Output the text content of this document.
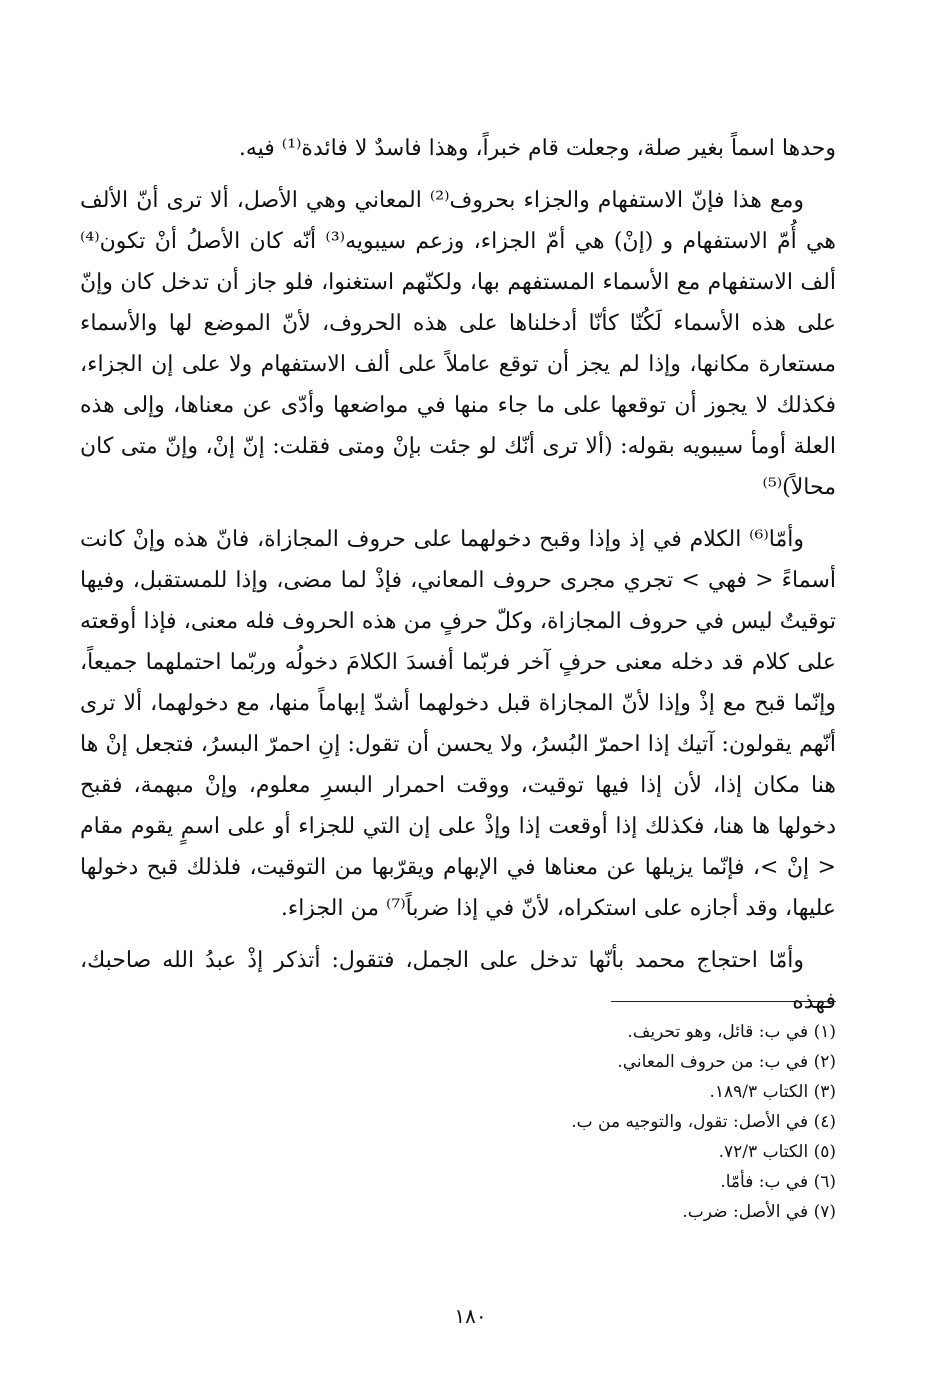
وحدها اسماً بغير صلة، وجعلت قام خبراً، وهذا فاسدٌ لا فائدة⁽¹⁾ فيه.

ومع هذا فإنّ الاستفهام والجزاء بحروف⁽²⁾ المعاني وهي الأصل، ألا ترى أنّ الألف هي أُمّ الاستفهام و (إنْ) هي أمّ الجزاء، وزعم سيبويه⁽³⁾ أنّه كان الأصلُ أنْ تكون⁽⁴⁾ ألف الاستفهام مع الأسماء المستفهم بها، ولكنّهم استغنوا، فلو جاز أن تدخل كان وإنّ على هذه الأسماء لَكُنّا كأنّا أدخلناها على هذه الحروف، لأنّ الموضع لها والأسماء مستعارة مكانها، وإذا لم يجز أن توقع عاملاً على ألف الاستفهام ولا على إن الجزاء، فكذلك لا يجوز أن توقعها على ما جاء منها في مواضعها وأدّى عن معناها، وإلى هذه العلة أومأ سيبويه بقوله: (ألا ترى أنّك لو جئت بإنْ ومتى فقلت: إنّ إنْ، وإنّ متى كان محالاً)⁽⁵⁾

وأمّا⁽⁶⁾ الكلام في إذ وإذا وقبح دخولهما على حروف المجازاة، فانّ هذه وإنْ كانت أسماءً < فهي > تجري مجرى حروف المعاني، فإذْ لما مضى، وإذا للمستقبل، وفيها توقيتٌ ليس في حروف المجازاة، وكلّ حرفٍ من هذه الحروف فله معنى، فإذا أوقعته على كلام قد دخله معنى حرفٍ آخر فربّما أفسدَ الكلامَ دخولُه وربّما احتملهما جميعاً، وإنّما قبح مع إذْ وإذا لأنّ المجازاة قبل دخولهما أشدّ إبهاماً منها، مع دخولهما، ألا ترى أنّهم يقولون: آتيك إذا احمرّ البُسرُ، ولا يحسن أن تقول: إنِ احمرّ البسرُ، فتجعل إنْ ها هنا مكان إذا، لأن إذا فيها توقيت، ووقت احمرار البسرِ معلوم، وإنْ مبهمة، فقبح دخولها ها هنا، فكذلك إذا أوقعت إذا وإذْ على إن التي للجزاء أو على اسمٍ يقوم مقام < إنْ >، فإنّما يزيلها عن معناها في الإبهام ويقرّبها من التوقيت، فلذلك قبح دخولها عليها، وقد أجازه على استكراه، لأنّ في إذا ضرباً⁽⁷⁾ من الجزاء.

وأمّا احتجاج محمد بأنّها تدخل على الجمل، فتقول: أتذكر إذْ عبدُ الله صاحبك، فهذه

(١) في ب: قائل، وهو تحريف.
(٢) في ب: من حروف المعاني.
(٣) الكتاب ١٨٩/٣.
(٤) في الأصل: تقول، والتوجيه من ب.
(٥) الكتاب ٧٢/٣.
(٦) في ب: فأمّا.
(٧) في الأصل: ضرب.
١٨٠
